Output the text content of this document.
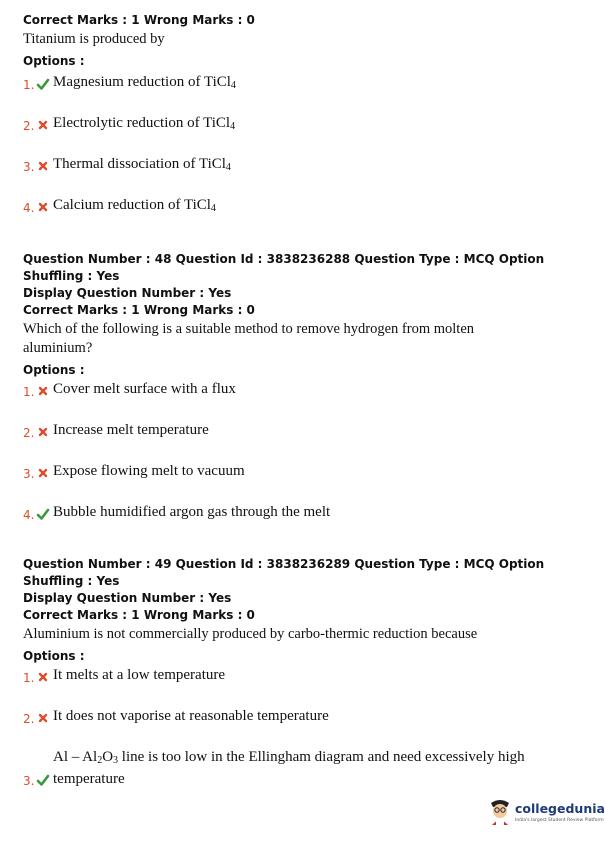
Correct Marks : 1 Wrong Marks : 0
Titanium is produced by
Options :
1. Magnesium reduction of TiCl$_4$
2. Electrolytic reduction of TiCl$_4$
3. Thermal dissociation of TiCl$_4$
4. Calcium reduction of TiCl$_4$
Question Number : 48 Question Id : 3838236288 Question Type : MCQ Option Shuffling : Yes
Display Question Number : Yes
Correct Marks : 1 Wrong Marks : 0
Which of the following is a suitable method to remove hydrogen from molten
aluminium?
Options :
1. Cover melt surface with a flux
2. Increase melt temperature
3. Expose flowing melt to vacuum
4. Bubble humidified argon gas through the melt
Question Number : 49 Question Id : 3838236289 Question Type : MCQ Option Shuffling : Yes
Display Question Number : Yes
Correct Marks : 1 Wrong Marks : 0
Aluminium is not commercially produced by carbo-thermic reduction because
Options :
1. It melts at a low temperature
2. It does not vaporise at reasonable temperature
3.
Al – $Al_2O_3$ line is too low in the Ellingham diagram and need excessively high
temperature
collegedunia
India's largest Student Review Platform
